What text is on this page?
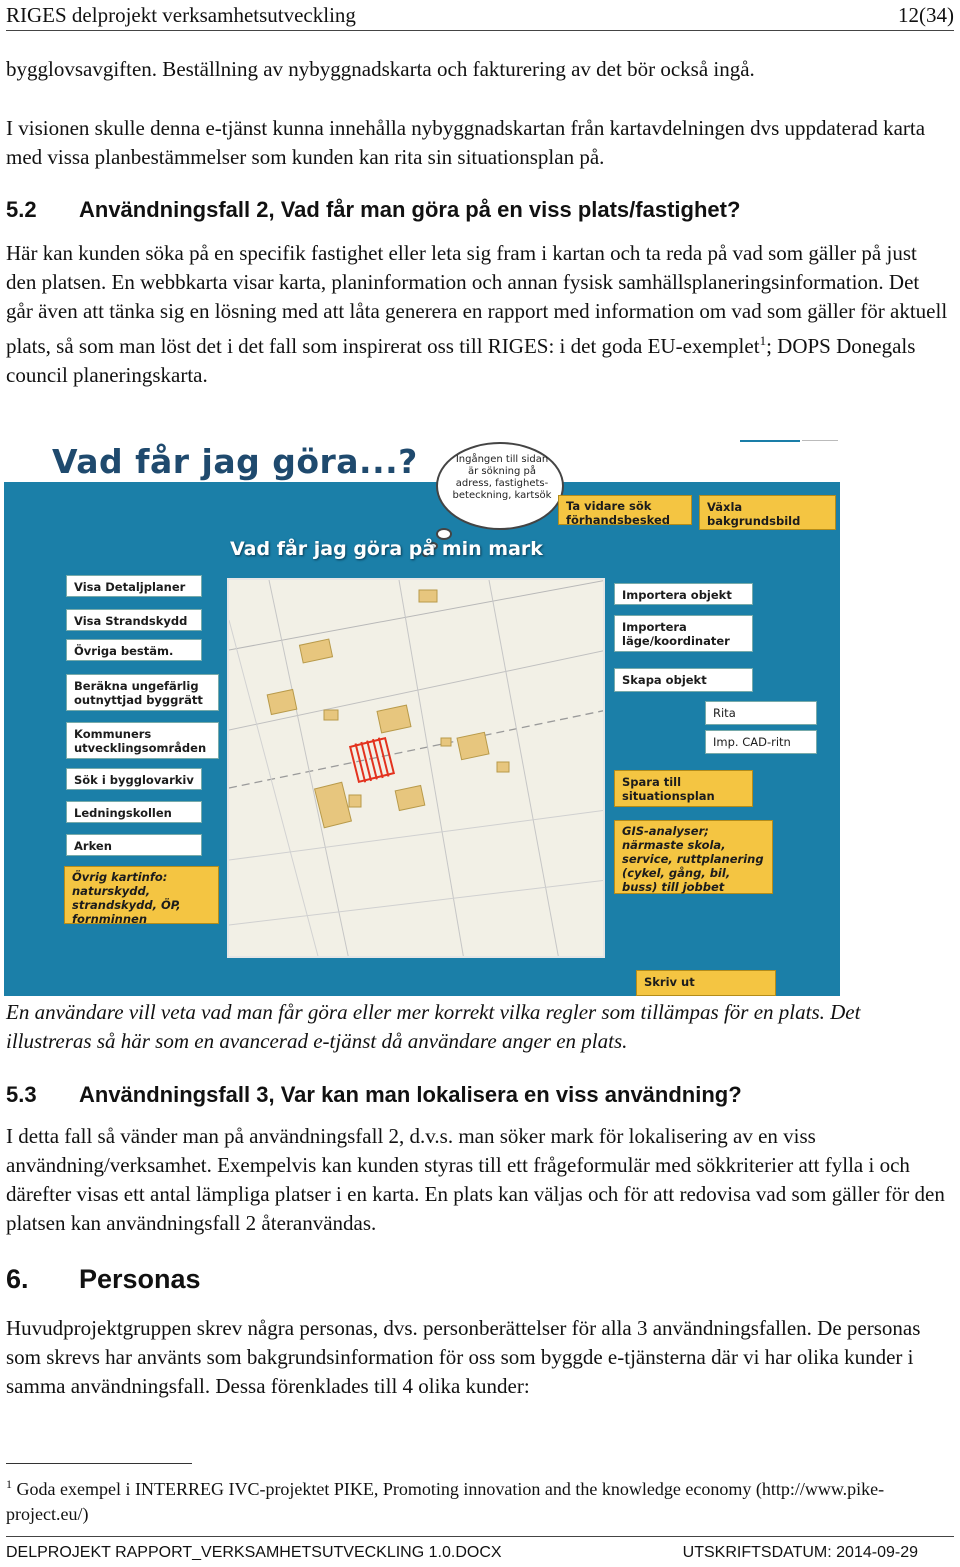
RIGES delprojekt verksamhetsutveckling	12(34)

bygglovsavgiften. Beställning av nybyggnadskarta och fakturering av det bör också ingå.

I visionen skulle denna e-tjänst kunna innehålla nybyggnadskartan från kartavdelningen dvs uppdaterad karta med vissa planbestämmelser som kunden kan rita sin situationsplan på.

5.2 Användningsfall 2, Vad får man göra på en viss plats/fastighet?

Här kan kunden söka på en specifik fastighet eller leta sig fram i kartan och ta reda på vad som gäller på just den platsen. En webbkarta visar karta, planinformation och annan fysisk samhällsplaneringsinformation. Det går även att tänka sig en lösning med att låta generera en rapport med information om vad som gäller för aktuell plats, så som man löst det i det fall som inspirerat oss till RIGES: i det goda EU-exemplet$^1$; DOPS Donegals council planeringskarta.

Vad får jag göra...?	Ingången till sidan är sökning på adress, fastighets-beteckning, kartsök
Vad får jag göra på min mark
Ta vidare sök förhandsbesked
Växla bakgrundsbild
Visa Detaljplaner
Visa Strandskydd
Övriga bestäm.
Beräkna ungefärlig outnyttjad byggrätt
Kommuners utvecklingsområden
Sök i bygglovarkiv
Ledningskollen
Arken
Övrig kartinfo: naturskydd, strandskydd, ÖP, fornminnen
Importera objekt
Importera läge/koordinater
Skapa objekt
Rita
Imp. CAD-ritn
Spara till situationsplan
GIS-analyser; närmaste skola, service, ruttplanering (cykel, gång, bil, buss) till jobbet
Skriv ut

En användare vill veta vad man får göra eller mer korrekt vilka regler som tillämpas för en plats. Det illustreras så här som en avancerad e-tjänst då användare anger en plats.

5.3 Användningsfall 3, Var kan man lokalisera en viss användning?

I detta fall så vänder man på användningsfall 2, d.v.s. man söker mark för lokalisering av en viss användning/verksamhet. Exempelvis kan kunden styras till ett frågeformulär med sökkriterier att fylla i och därefter visas ett antal lämpliga platser i en karta. En plats kan väljas och för att redovisa vad som gäller för den platsen kan användningsfall 2 återanvändas.

6. Personas

Huvudprojektgruppen skrev några personas, dvs. personberättelser för alla 3 användningsfallen. De personas som skrevs har använts som bakgrundsinformation för oss som byggde e-tjänsterna där vi har olika kunder i samma användningsfall. Dessa förenklades till 4 olika kunder:

$^1$ Goda exempel i INTERREG IVC-projektet PIKE, Promoting innovation and the knowledge economy (http://www.pike-project.eu/)
DELPROJEKT RAPPORT_VERKSAMHETSUTVECKLING 1.0.DOCX	UTSKRIFTSDATUM: 2014-09-29
